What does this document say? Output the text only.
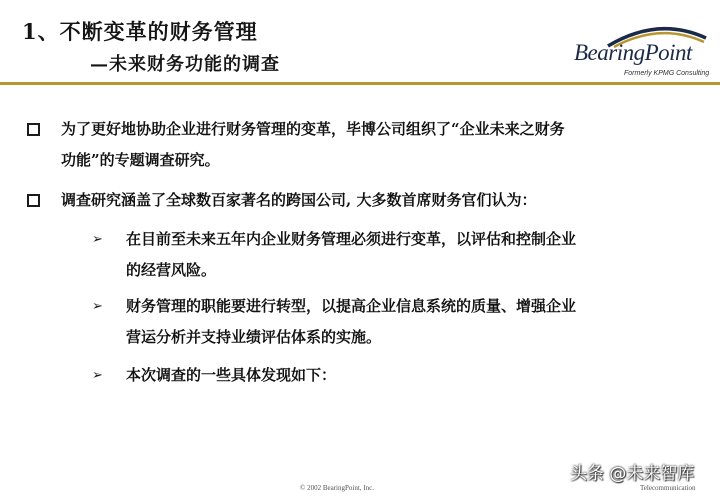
1、不断变革的财务管理
—未来财务功能的调查	BearingPoint
Formerly KPMG Consulting
为了更好地协助企业进行财务管理的变革，毕博公司组织了“企业未来之财务
功能”的专题调查研究。
调查研究涵盖了全球数百家著名的跨国公司, 大多数首席财务官们认为：
➢ 在目前至未来五年内企业财务管理必须进行变革，以评估和控制企业
的经营风险。
➢ 财务管理的职能要进行转型，以提高企业信息系统的质量、增强企业
营运分析并支持业绩评估体系的实施。
➢ 本次调查的一些具体发现如下：
© 2002 BearingPoint, Inc.
头条 @未来智库
Telecommunication
